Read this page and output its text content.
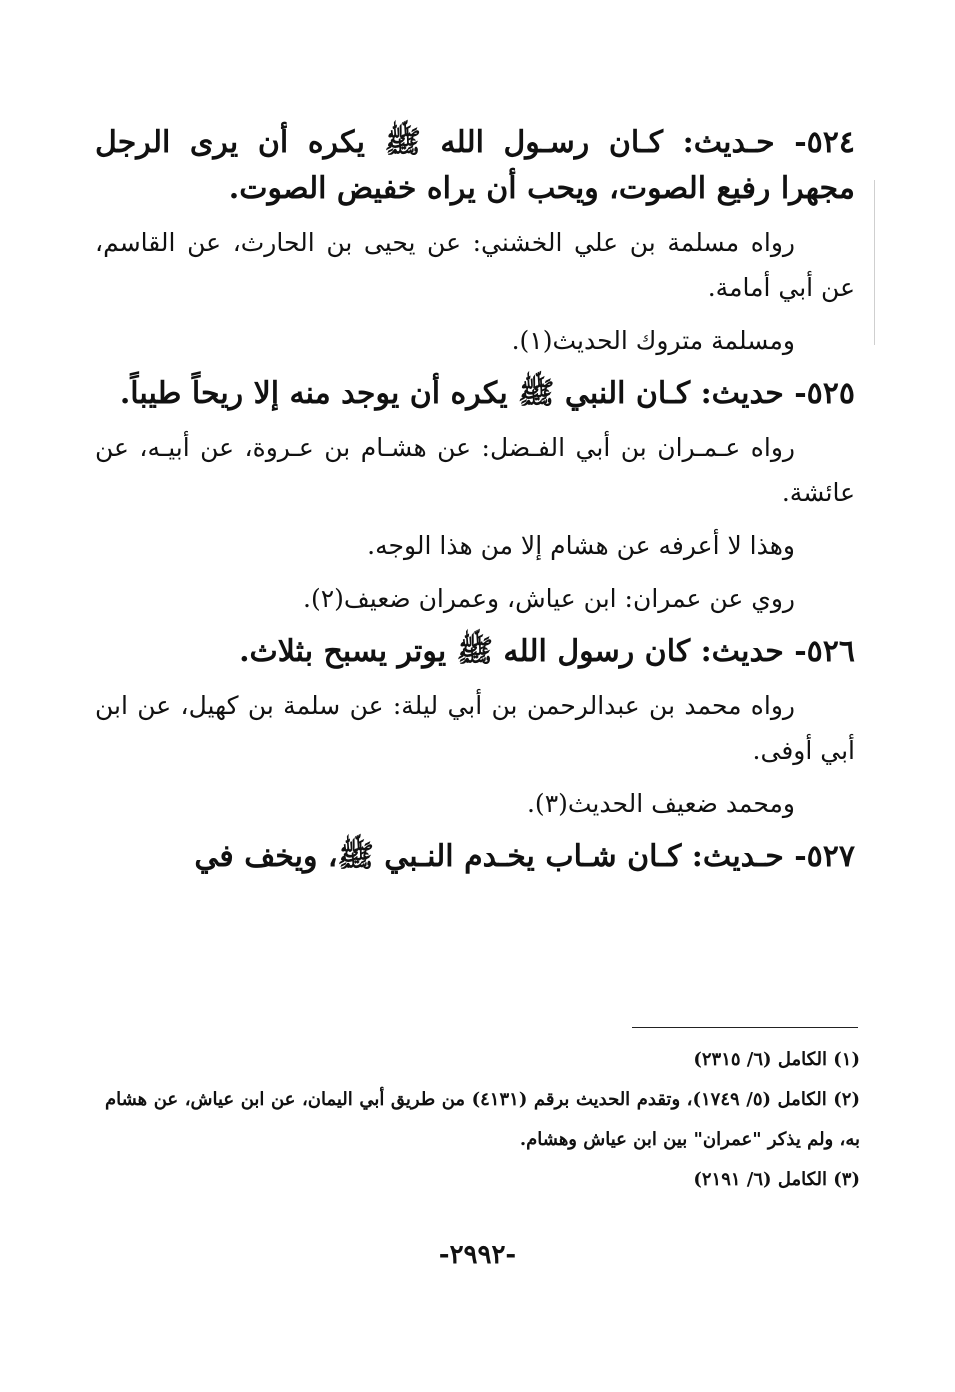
٥٢٤- حـديث: كـان رسـول الله ﷺ يكره أن يرى الرجل مجهرا رفيع الصوت، ويحب أن يراه خفيض الصوت.

رواه مسلمة بن علي الخشني: عن يحيى بن الحارث، عن القاسم، عن أبي أمامة.

ومسلمة متروك الحديث(١).

٥٢٥- حديث: كـان النبي ﷺ يكره أن يوجد منه إلا ريحاً طيباً.

رواه عـمـران بن أبي الفـضل: عن هشـام بن عـروة، عن أبيـه، عن عائشة.

وهذا لا أعرفه عن هشام إلا من هذا الوجه.

روي عن عمران: ابن عياش، وعمران ضعيف(٢).

٥٢٦- حديث: كان رسول الله ﷺ يوتر يسبح بثلاث.

رواه محمد بن عبدالرحمن بن أبي ليلة: عن سلمة بن كهيل، عن ابن أبي أوفى.

ومحمد ضعيف الحديث(٣).

٥٢٧- حـديث: كـان شـاب يخـدم النـبي ﷺ، ويخف في

(١) الكامل (٦/ ٢٣١٥)

(٢) الكامل (٥/ ١٧٤٩)، وتقدم الحديث برقم (٤١٣١) من طريق أبي اليمان، عن ابن عياش، عن هشام به، ولم يذكر "عمران" بين ابن عياش وهشام.

(٣) الكامل (٦/ ٢١٩١)

-٢٩٩٢-
